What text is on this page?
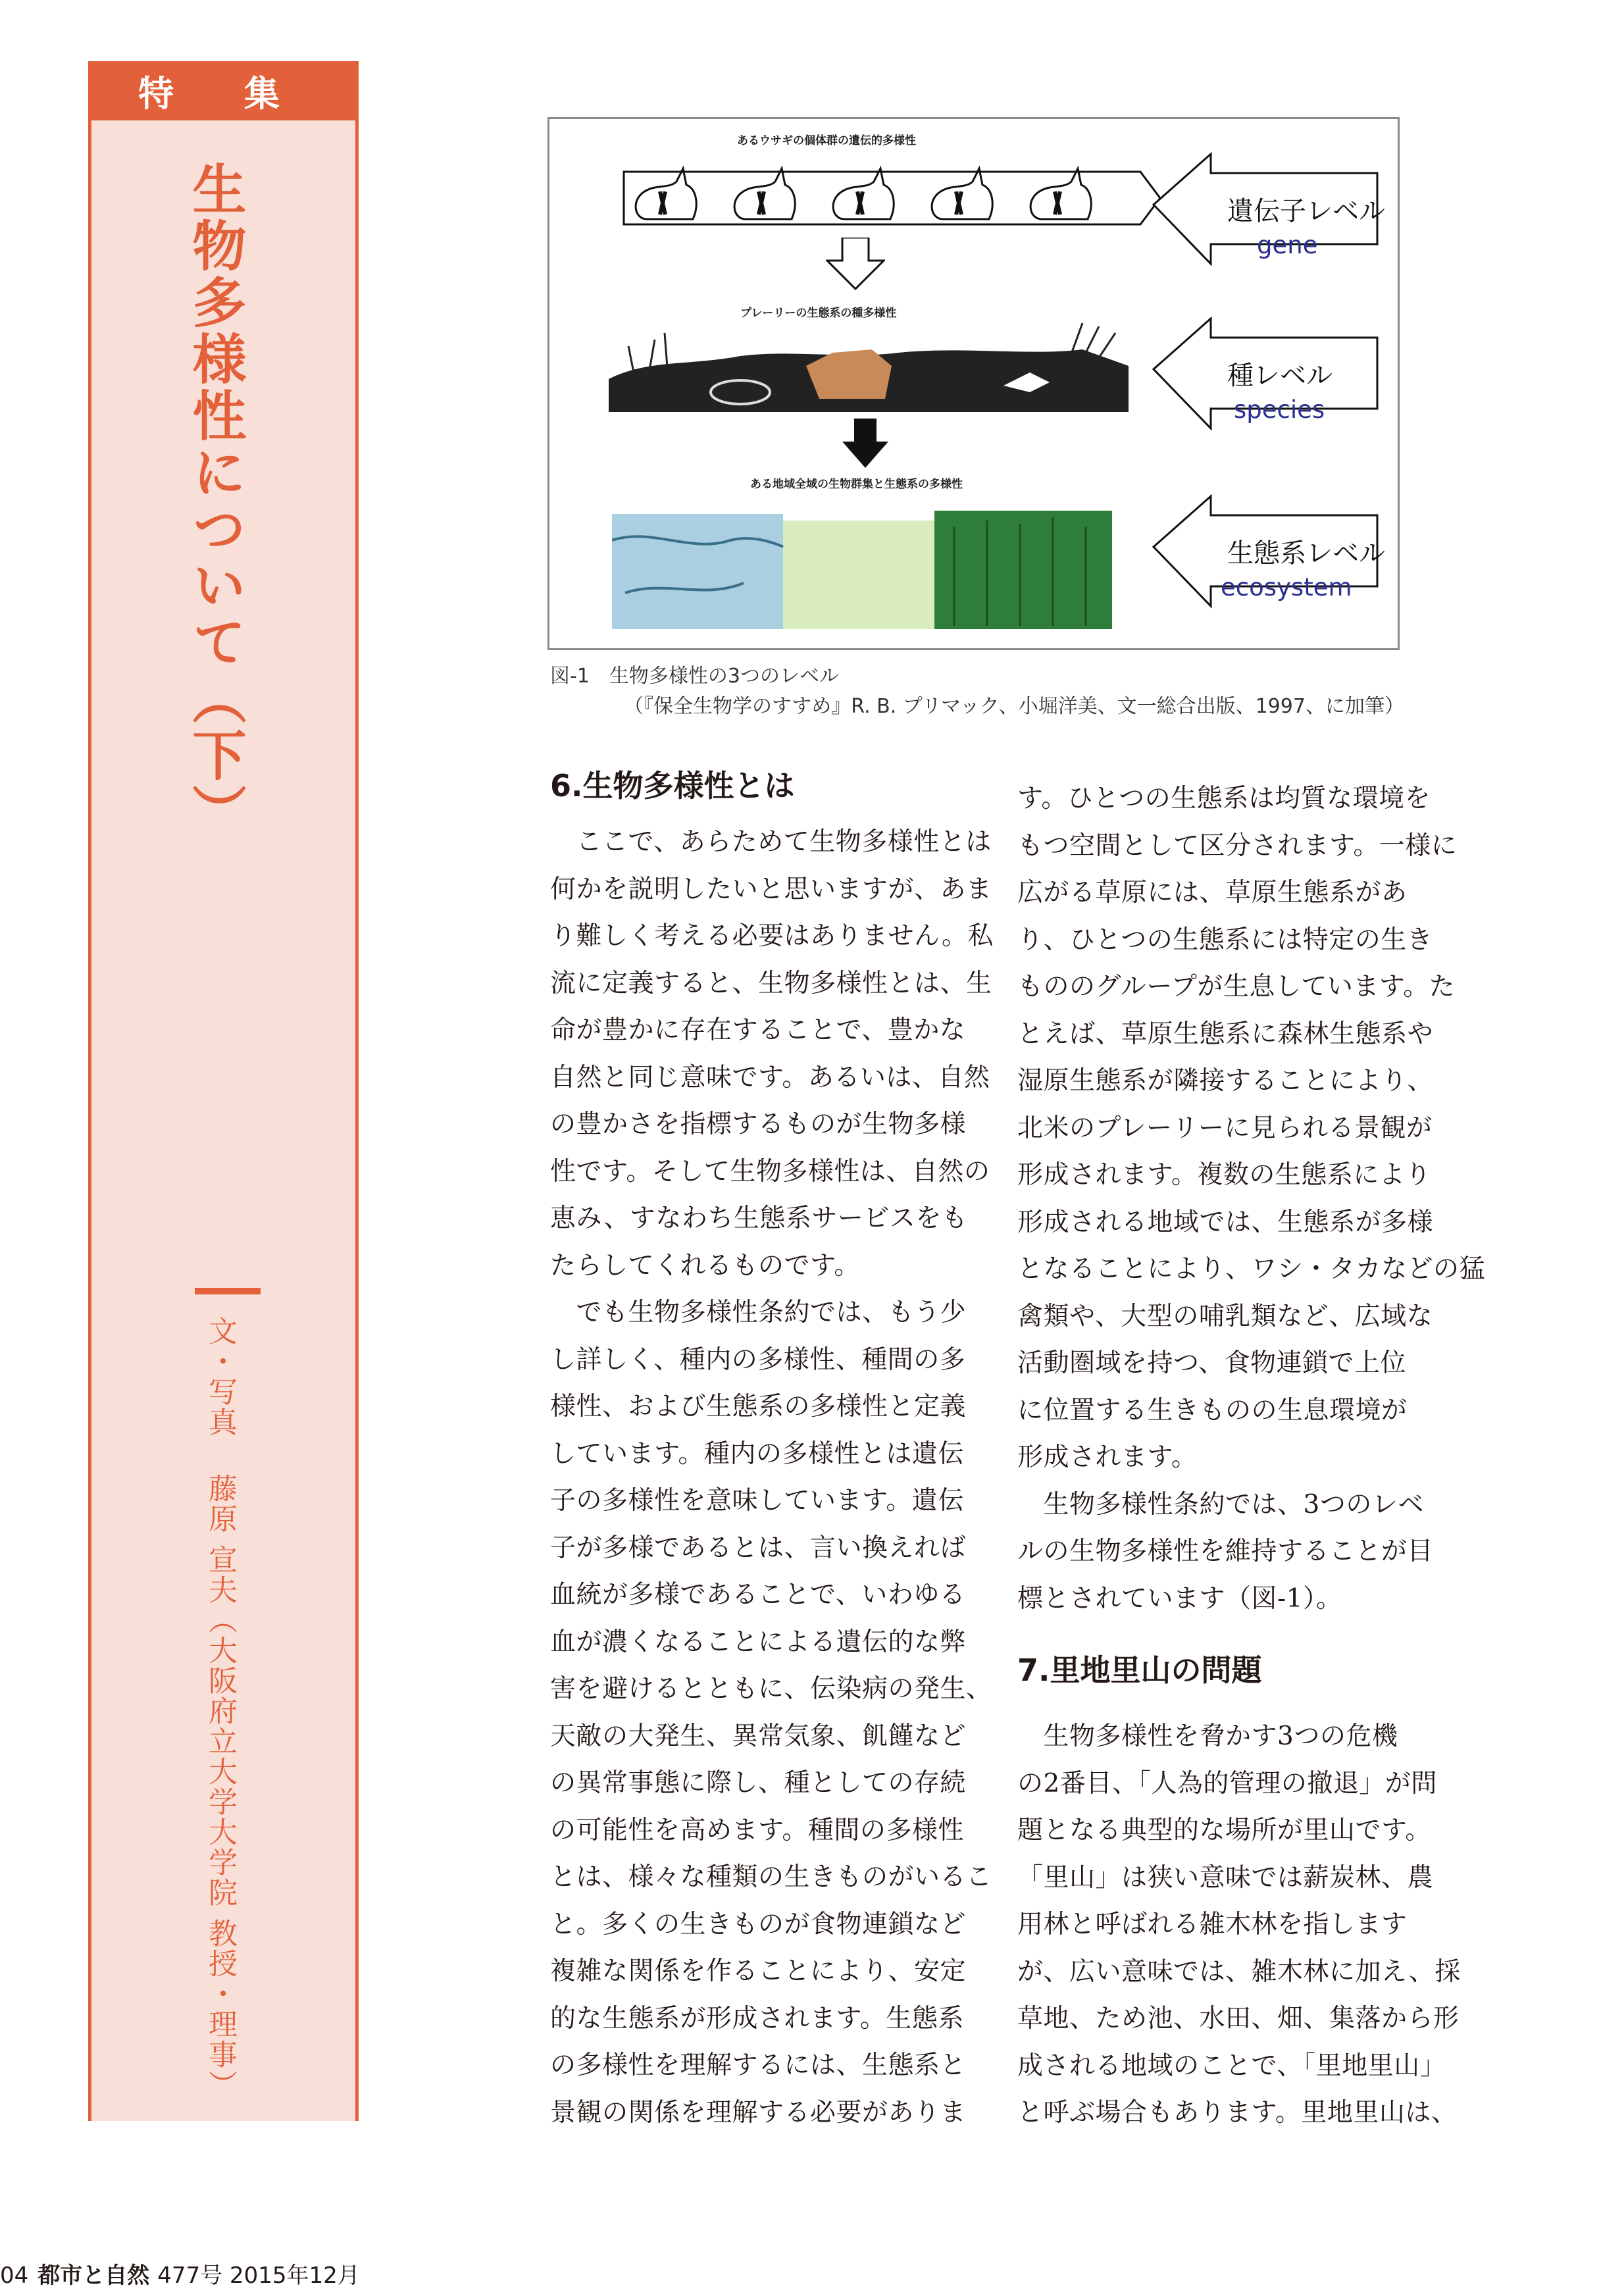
特 集
生物多様性について（下）
文・写真藤原 宣夫（大阪府立大学大学院 教授・理事）
あるウサギの個体群の遺伝的多様性
プレーリーの生態系の種多様性
ある地域全域の生物群集と生態系の多様性
遺伝子レベル
gene
種レベル
species
生態系レベル
ecosystem
図-1　生物多様性の3つのレベル
（『保全生物学のすすめ』R. B. プリマック、小堀洋美、文一総合出版、1997、に加筆）
6.生物多様性とは
　ここで、あらためて生物多様性とは
何かを説明したいと思いますが、あま
り難しく考える必要はありません。私
流に定義すると、生物多様性とは、生
命が豊かに存在することで、豊かな
自然と同じ意味です。あるいは、自然
の豊かさを指標するものが生物多様
性です。そして生物多様性は、自然の
恵み、すなわち生態系サービスをも
たらしてくれるものです。
　でも生物多様性条約では、もう少
し詳しく、種内の多様性、種間の多
様性、および生態系の多様性と定義
しています。種内の多様性とは遺伝
子の多様性を意味しています。遺伝
子が多様であるとは、言い換えれば
血統が多様であることで、いわゆる
血が濃くなることによる遺伝的な弊
害を避けるとともに、伝染病の発生、
天敵の大発生、異常気象、飢饉など
の異常事態に際し、種としての存続
の可能性を高めます。種間の多様性
とは、様々な種類の生きものがいるこ
と。多くの生きものが食物連鎖など
複雑な関係を作ることにより、安定
的な生態系が形成されます。生態系
の多様性を理解するには、生態系と
景観の関係を理解する必要がありま
す。ひとつの生態系は均質な環境を
もつ空間として区分されます。一様に
広がる草原には、草原生態系があ
り、ひとつの生態系には特定の生き
もののグループが生息しています。た
とえば、草原生態系に森林生態系や
湿原生態系が隣接することにより、
北米のプレーリーに見られる景観が
形成されます。複数の生態系により
形成される地域では、生態系が多様
となることにより、ワシ・タカなどの猛
禽類や、大型の哺乳類など、広域な
活動圏域を持つ、食物連鎖で上位
に位置する生きものの生息環境が
形成されます。
　生物多様性条約では、3つのレベ
ルの生物多様性を維持することが目
標とされています（図-1）。
7.里地里山の問題
　生物多様性を脅かす3つの危機
の2番目、「人為的管理の撤退」が問
題となる典型的な場所が里山です。
「里山」は狭い意味では薪炭林、農
用林と呼ばれる雑木林を指します
が、広い意味では、雑木林に加え、採
草地、ため池、水田、畑、集落から形
成される地域のことで、「里地里山」
と呼ぶ場合もあります。里地里山は、
04 都市と自然 477号 2015年12月
